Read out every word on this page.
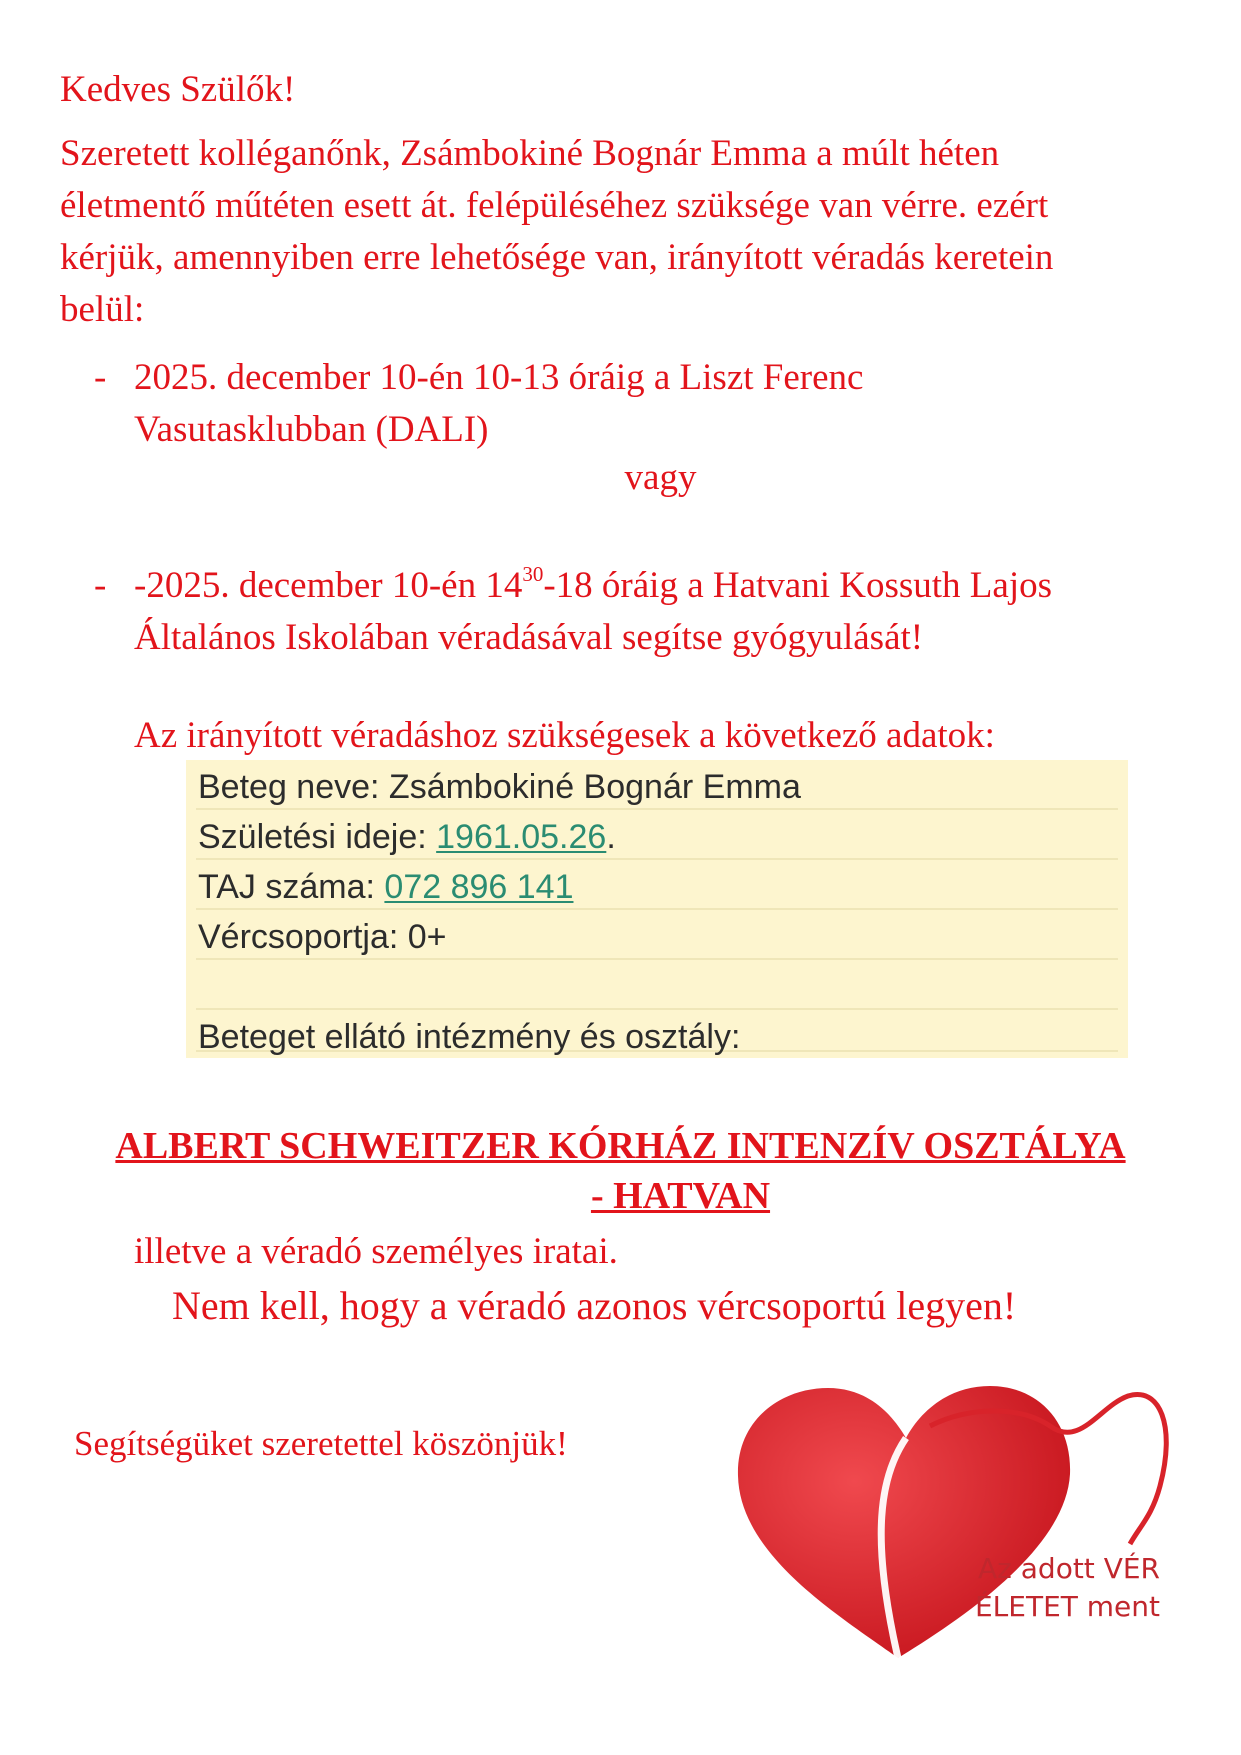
Kedves Szülők!
Szeretett kolléganőnk, Zsámbokiné Bognár Emma a múlt héten
életmentő műtéten esett át. felépüléséhez szüksége van vérre. ezért
kérjük, amennyiben erre lehetősége van, irányított véradás keretein
belül:
- 2025. december 10-én 10-13 óráig a Liszt Ferenc
Vasutasklubban (DALI)
vagy
- -2025. december 10-én $14^{30}-18$ óráig a Hatvani Kossuth Lajos
Általános Iskolában véradásával segítse gyógyulását!
Az irányított véradáshoz szükségesek a következő adatok:
Beteg neve: Zsámbokiné Bognár Emma
Születési ideje: 1961.05.26.
TAJ száma: 072 896 141
Vércsoportja: 0+
Beteget ellátó intézmény és osztály:
ALBERT SCHWEITZER KÓRHÁZ INTENZÍV OSZTÁLYA
- HATVAN
illetve a véradó személyes iratai.
Nem kell, hogy a véradó azonos vércsoportú legyen!
Segítségüket szeretettel köszönjük!
Az adott VÉR
ÉLETET ment
